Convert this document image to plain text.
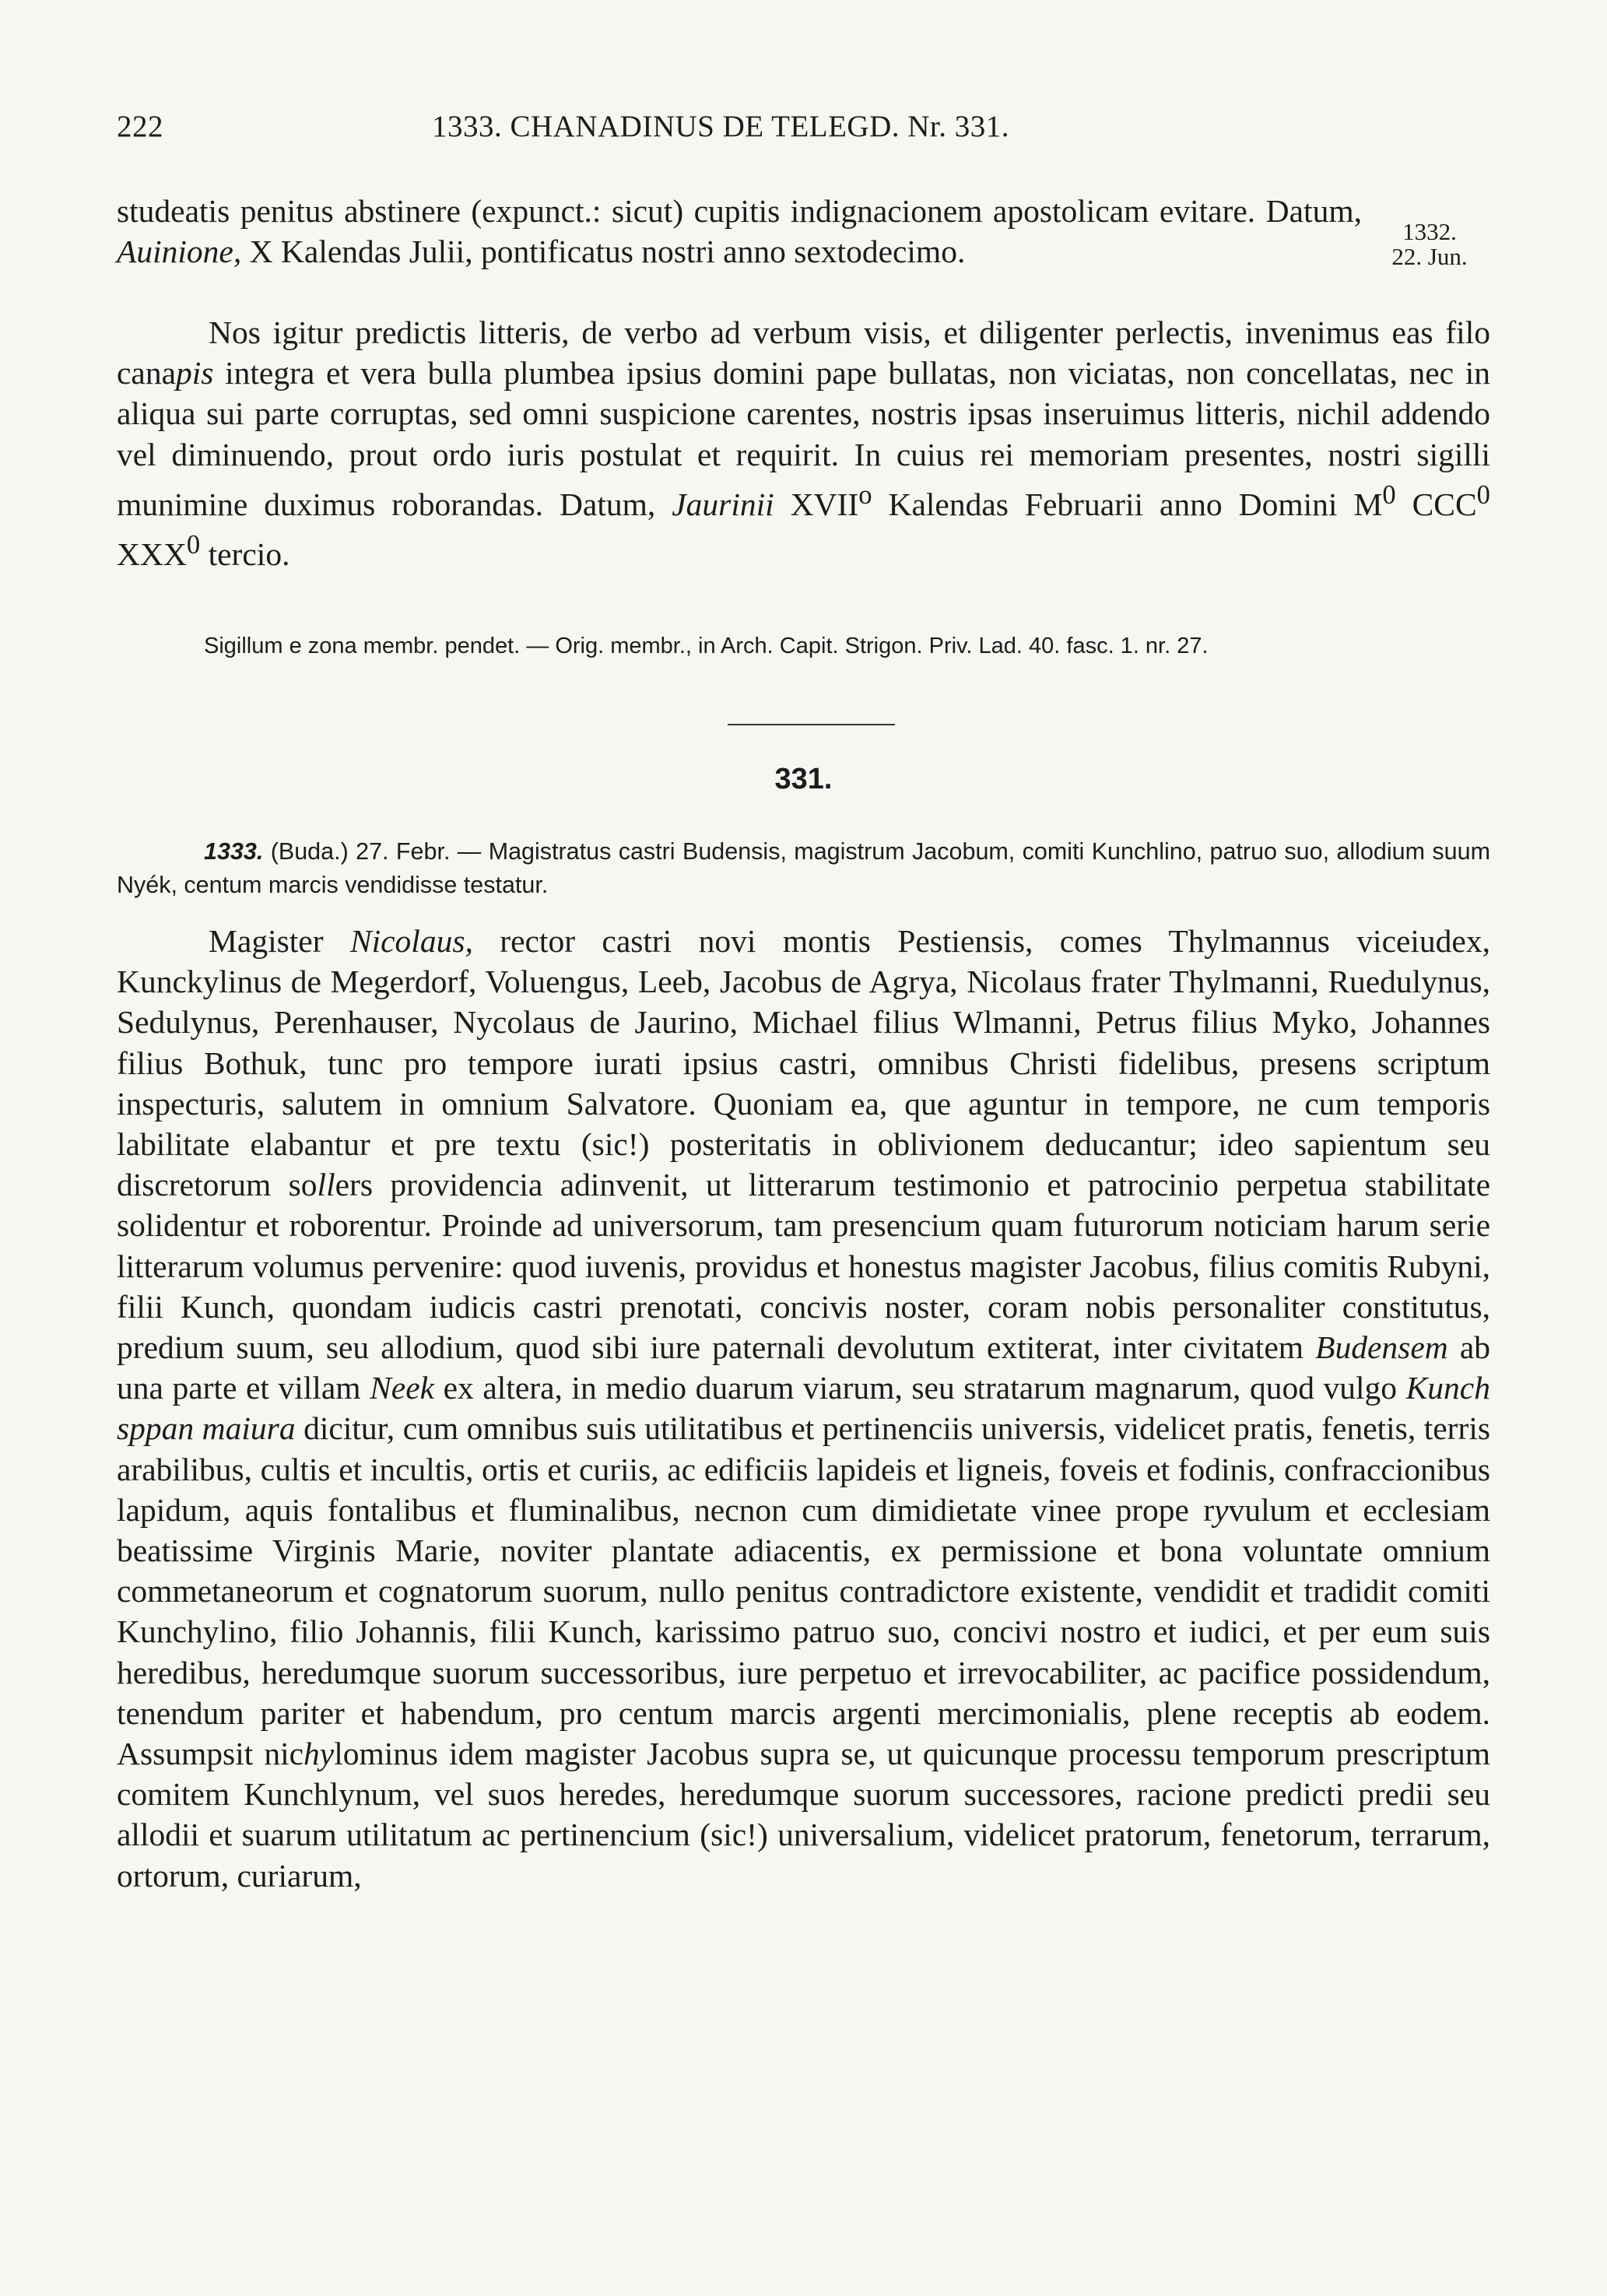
222	1333. CHANADINUS DE TELEGD. Nr. 331.
1332.
22. Jun.

studeatis penitus abstinere (expunct.: sicut) cupitis indignacionem apostolicam evitare. Datum, Auinione, X Kalendas Julii, pontificatus nostri anno sextodecimo.

Nos igitur predictis litteris, de verbo ad verbum visis, et diligenter perlectis, invenimus eas filo canapis integra et vera bulla plumbea ipsius domini pape bullatas, non viciatas, non concellatas, nec in aliqua sui parte corruptas, sed omni suspicione carentes, nostris ipsas inseruimus litteris, nichil addendo vel diminuendo, prout ordo iuris postulat et requirit. In cuius rei memoriam presentes, nostri sigilli munimine duximus roborandas. Datum, Jaurinii XVII$^o$ Kalendas Februarii anno Domini $M^0$ CCC$^0$ XXX$^0$ tercio.

Sigillum e zona membr. pendet. — Orig. membr., in Arch. Capit. Strigon. Priv. Lad. 40. fasc. 1. nr. 27.

331.

1333. (Buda.) 27. Febr. — Magistratus castri Budensis, magistrum Jacobum, comiti Kunchlino, patruo suo, allodium suum Nyék, centum marcis vendidisse testatur.

Magister Nicolaus, rector castri novi montis Pestiensis, comes Thylmannus viceiudex, Kunckylinus de Megerdorf, Voluengus, Leeb, Jacobus de Agrya, Nicolaus frater Thylmanni, Ruedulynus, Sedulynus, Perenhauser, Nycolaus de Jaurino, Michael filius Wlmanni, Petrus filius Myko, Johannes filius Bothuk, tunc pro tempore iurati ipsius castri, omnibus Christi fidelibus, presens scriptum inspecturis, salutem in omnium Salvatore. Quoniam ea, que aguntur in tempore, ne cum temporis labilitate elabantur et pre textu (sic!) posteritatis in oblivionem deducantur; ideo sapientum seu discretorum sollers providencia adinvenit, ut litterarum testimonio et patrocinio perpetua stabilitate solidentur et roborentur. Proinde ad universorum, tam presencium quam futurorum noticiam harum serie litterarum volumus pervenire: quod iuvenis, providus et honestus magister Jacobus, filius comitis Rubyni, filii Kunch, quondam iudicis castri prenotati, concivis noster, coram nobis personaliter constitutus, predium suum, seu allodium, quod sibi iure paternali devolutum extiterat, inter civitatem Budensem ab una parte et villam Neek ex altera, in medio duarum viarum, seu stratarum magnarum, quod vulgo Kunch sppan maiura dicitur, cum omnibus suis utilitatibus et pertinenciis universis, videlicet pratis, fenetis, terris arabilibus, cultis et incultis, ortis et curiis, ac edificiis lapideis et ligneis, foveis et fodinis, confraccionibus lapidum, aquis fontalibus et fluminalibus, necnon cum dimidietate vinee prope ryvulum et ecclesiam beatissime Virginis Marie, noviter plantate adiacentis, ex permissione et bona voluntate omnium commetaneorum et cognatorum suorum, nullo penitus contradictore existente, vendidit et tradidit comiti Kunchylino, filio Johannis, filii Kunch, karissimo patruo suo, concivi nostro et iudici, et per eum suis heredibus, heredumque suorum successoribus, iure perpetuo et irrevocabiliter, ac pacifice possidendum, tenendum pariter et habendum, pro centum marcis argenti mercimonialis, plene receptis ab eodem. Assumpsit nichylominus idem magister Jacobus supra se, ut quicunque processu temporum prescriptum comitem Kunchlynum, vel suos heredes, heredumque suorum successores, racione predicti predii seu allodii et suarum utilitatum ac pertinencium (sic!) universalium, videlicet pratorum, fenetorum, terrarum, ortorum, curiarum,
